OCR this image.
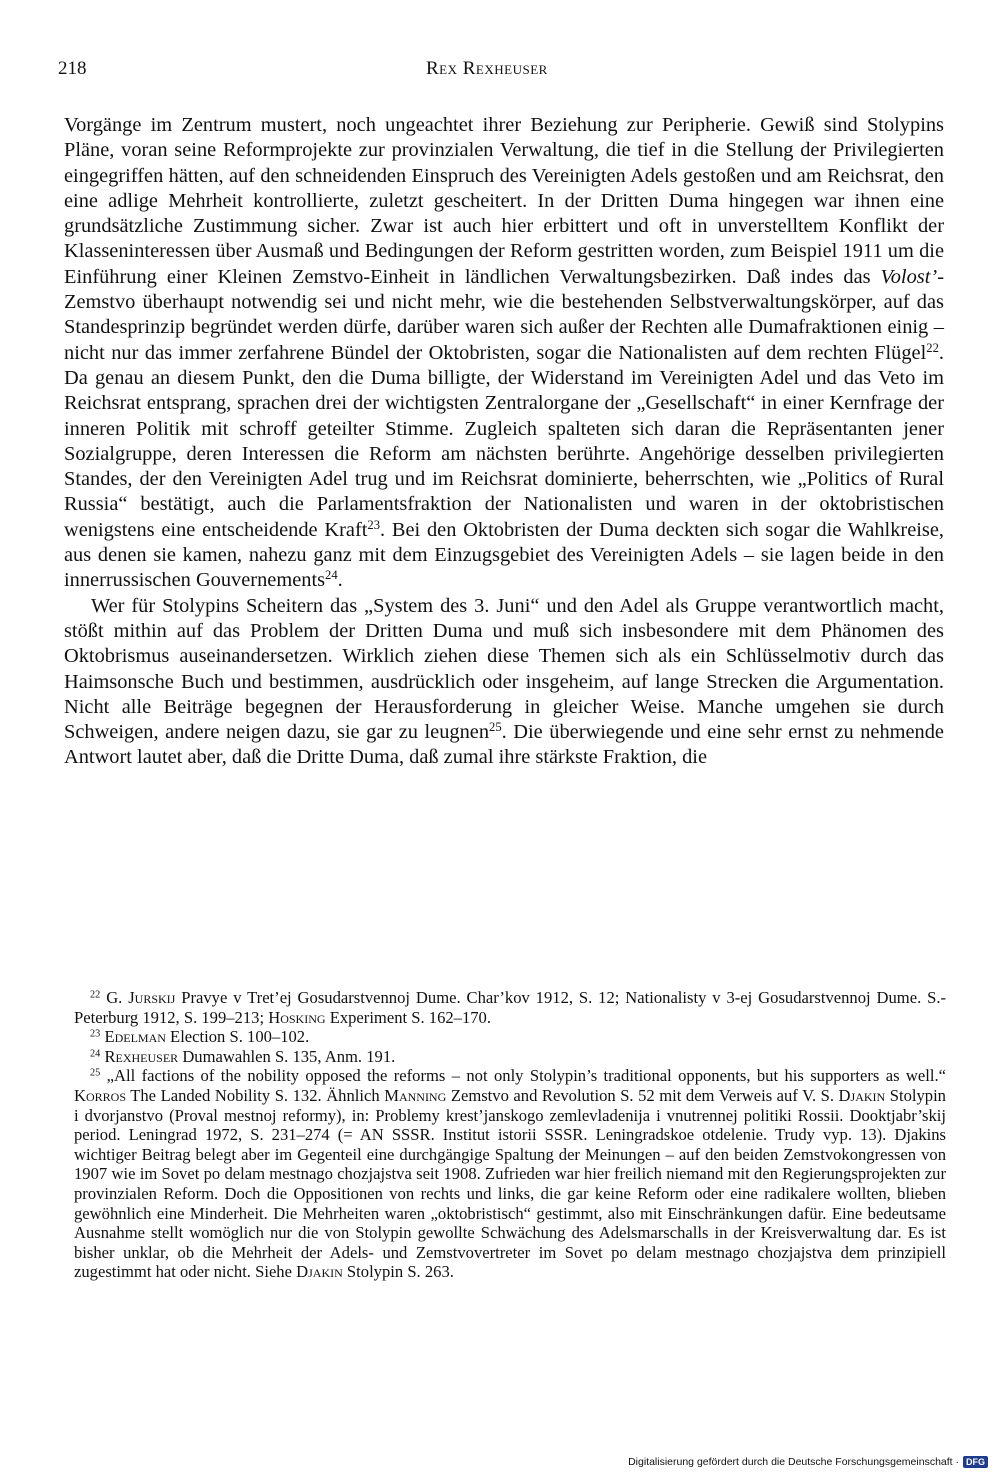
218	Rex Rexheuser

Vorgänge im Zentrum mustert, noch ungeachtet ihrer Beziehung zur Peripherie. Gewiß sind Stolypins Pläne, voran seine Reformprojekte zur provinzialen Verwaltung, die tief in die Stellung der Privilegierten eingegriffen hätten, auf den schneidenden Einspruch des Vereinigten Adels gestoßen und am Reichsrat, den eine adlige Mehrheit kontrollierte, zuletzt gescheitert. In der Dritten Duma hingegen war ihnen eine grundsätzliche Zustimmung sicher. Zwar ist auch hier erbittert und oft in unverstelltem Konflikt der Klasseninteressen über Ausmaß und Bedingungen der Reform gestritten worden, zum Beispiel 1911 um die Einführung einer Kleinen Zemstvo-Einheit in ländlichen Verwaltungsbezirken. Daß indes das Volost’-Zemstvo überhaupt notwendig sei und nicht mehr, wie die bestehenden Selbstverwaltungskörper, auf das Standesprinzip begründet werden dürfe, darüber waren sich außer der Rechten alle Dumafraktionen einig – nicht nur das immer zerfahrene Bündel der Oktobristen, sogar die Nationalisten auf dem rechten Flügel$^{22}$. Da genau an diesem Punkt, den die Duma billigte, der Widerstand im Vereinigten Adel und das Veto im Reichsrat entsprang, sprachen drei der wichtigsten Zentralorgane der „Gesellschaft“ in einer Kernfrage der inneren Politik mit schroff geteilter Stimme. Zugleich spalteten sich daran die Repräsentanten jener Sozialgruppe, deren Interessen die Reform am nächsten berührte. Angehörige desselben privilegierten Standes, der den Vereinigten Adel trug und im Reichsrat dominierte, beherrschten, wie „Politics of Rural Russia“ bestätigt, auch die Parlamentsfraktion der Nationalisten und waren in der oktobristischen wenigstens eine entscheidende Kraft$^{23}$. Bei den Oktobristen der Duma deckten sich sogar die Wahlkreise, aus denen sie kamen, nahezu ganz mit dem Einzugsgebiet des Vereinigten Adels – sie lagen beide in den innerrussischen Gouvernements$^{24}$.

Wer für Stolypins Scheitern das „System des 3. Juni“ und den Adel als Gruppe verantwortlich macht, stößt mithin auf das Problem der Dritten Duma und muß sich insbesondere mit dem Phänomen des Oktobrismus auseinandersetzen. Wirklich ziehen diese Themen sich als ein Schlüsselmotiv durch das Haimsonsche Buch und bestimmen, ausdrücklich oder insgeheim, auf lange Strecken die Argumentation. Nicht alle Beiträge begegnen der Herausforderung in gleicher Weise. Manche umgehen sie durch Schweigen, andere neigen dazu, sie gar zu leugnen$^{25}$. Die überwiegende und eine sehr ernst zu nehmende Antwort lautet aber, daß die Dritte Duma, daß zumal ihre stärkste Fraktion, die

$^{22}$ G. Jurskij Pravye v Tret’ej Gosudarstvennoj Dume. Char’kov 1912, S. 12; Nationalisty v 3-ej Gosudarstvennoj Dume. S.-Peterburg 1912, S. 199–213; Hosking Experiment S. 162–170.

$^{23}$ Edelman Election S. 100–102.

$^{24}$ Rexheuser Dumawahlen S. 135, Anm. 191.

$^{25}$ „All factions of the nobility opposed the reforms – not only Stolypin’s traditional opponents, but his supporters as well.“ Korros The Landed Nobility S. 132. Ähnlich Manning Zemstvo and Revolution S. 52 mit dem Verweis auf V. S. Djakin Stolypin i dvorjanstvo (Proval mestnoj reformy), in: Problemy krest’janskogo zemlevladenija i vnutrennej politiki Rossii. Dooktjabr’skij period. Leningrad 1972, S. 231–274 (= AN SSSR. Institut istorii SSSR. Leningradskoe otdelenie. Trudy vyp. 13). Djakins wichtiger Beitrag belegt aber im Gegenteil eine durchgängige Spaltung der Meinungen – auf den beiden Zemstvokongressen von 1907 wie im Sovet po delam mestnago chozjajstva seit 1908. Zufrieden war hier freilich niemand mit den Regierungsprojekten zur provinzialen Reform. Doch die Oppositionen von rechts und links, die gar keine Reform oder eine radikalere wollten, blieben gewöhnlich eine Minderheit. Die Mehrheiten waren „oktobristisch“ gestimmt, also mit Einschränkungen dafür. Eine bedeutsame Ausnahme stellt womöglich nur die von Stolypin gewollte Schwächung des Adelsmarschalls in der Kreisverwaltung dar. Es ist bisher unklar, ob die Mehrheit der Adels- und Zemstvovertreter im Sovet po delam mestnago chozjajstva dem prinzipiell zugestimmt hat oder nicht. Siehe Djakin Stolypin S. 263.

Digitalisierung gefördert durch die Deutsche Forschungsgemeinschaft · DFG
